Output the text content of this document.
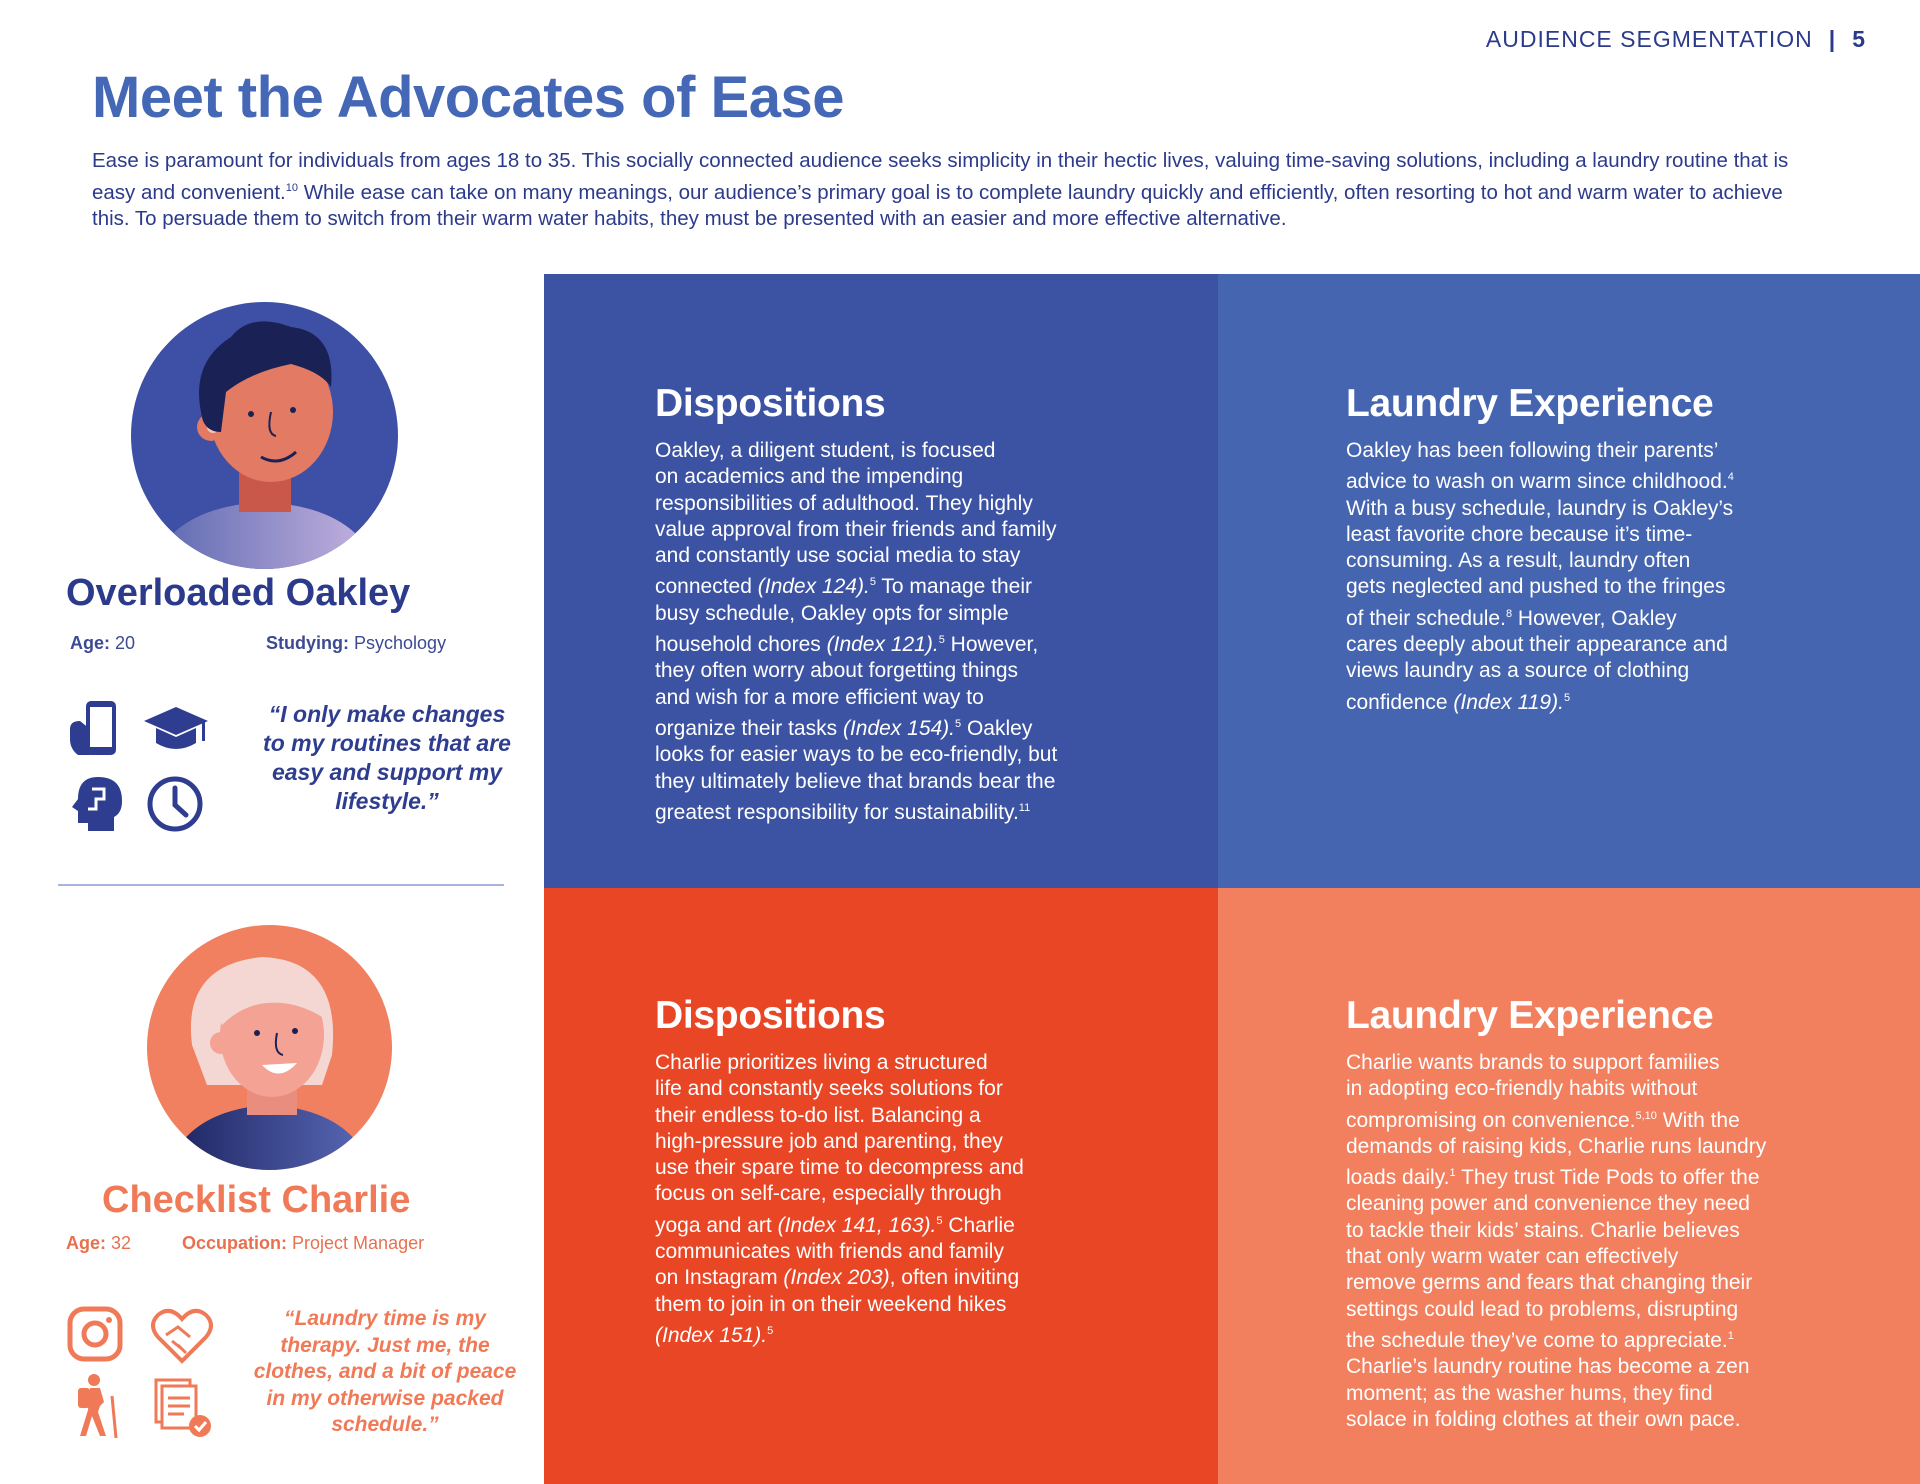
AUDIENCE SEGMENTATION | 5
Meet the Advocates of Ease

Ease is paramount for individuals from ages 18 to 35. This socially connected audience seeks simplicity in their hectic lives, valuing time-saving solutions, including a laundry routine that is easy and convenient.$^{10}$ While ease can take on many meanings, our audience’s primary goal is to complete laundry quickly and efficiently, often resorting to hot and warm water to achieve this. To persuade them to switch from their warm water habits, they must be presented with an easier and more effective alternative.

Overloaded Oakley
Age: 20	Studying: Psychology

“I only make changes to my routines that are easy and support my lifestyle.”

Checklist Charlie
Age: 32	Occupation: Project Manager

“Laundry time is my therapy. Just me, the clothes, and a bit of peace in my otherwise packed schedule.”

Dispositions

Oakley, a diligent student, is focused
on academics and the impending
responsibilities of adulthood. They highly
value approval from their friends and family
and constantly use social media to stay
connected (Index 124).$^5$ To manage their
busy schedule, Oakley opts for simple
household chores (Index 121).$^5$ However,
they often worry about forgetting things
and wish for a more efficient way to
organize their tasks (Index 154).$^5$ Oakley
looks for easier ways to be eco-friendly, but
they ultimately believe that brands bear the
greatest responsibility for sustainability.$^{11}$

Laundry Experience

Oakley has been following their parents’
advice to wash on warm since childhood.$^4$
With a busy schedule, laundry is Oakley’s
least favorite chore because it’s time-
consuming. As a result, laundry often
gets neglected and pushed to the fringes
of their schedule.$^8$ However, Oakley
cares deeply about their appearance and
views laundry as a source of clothing
confidence (Index 119).$^5$

Dispositions

Charlie prioritizes living a structured
life and constantly seeks solutions for
their endless to-do list. Balancing a
high-pressure job and parenting, they
use their spare time to decompress and
focus on self-care, especially through
yoga and art (Index 141, 163).$^5$ Charlie
communicates with friends and family
on Instagram (Index 203), often inviting
them to join in on their weekend hikes
(Index 151).$^5$

Laundry Experience

Charlie wants brands to support families
in adopting eco-friendly habits without
compromising on convenience.$^{5,10}$ With the
demands of raising kids, Charlie runs laundry
loads daily.$^1$ They trust Tide Pods to offer the
cleaning power and convenience they need
to tackle their kids’ stains. Charlie believes
that only warm water can effectively
remove germs and fears that changing their
settings could lead to problems, disrupting
the schedule they’ve come to appreciate.$^1$
Charlie’s laundry routine has become a zen
moment; as the washer hums, they find
solace in folding clothes at their own pace.
